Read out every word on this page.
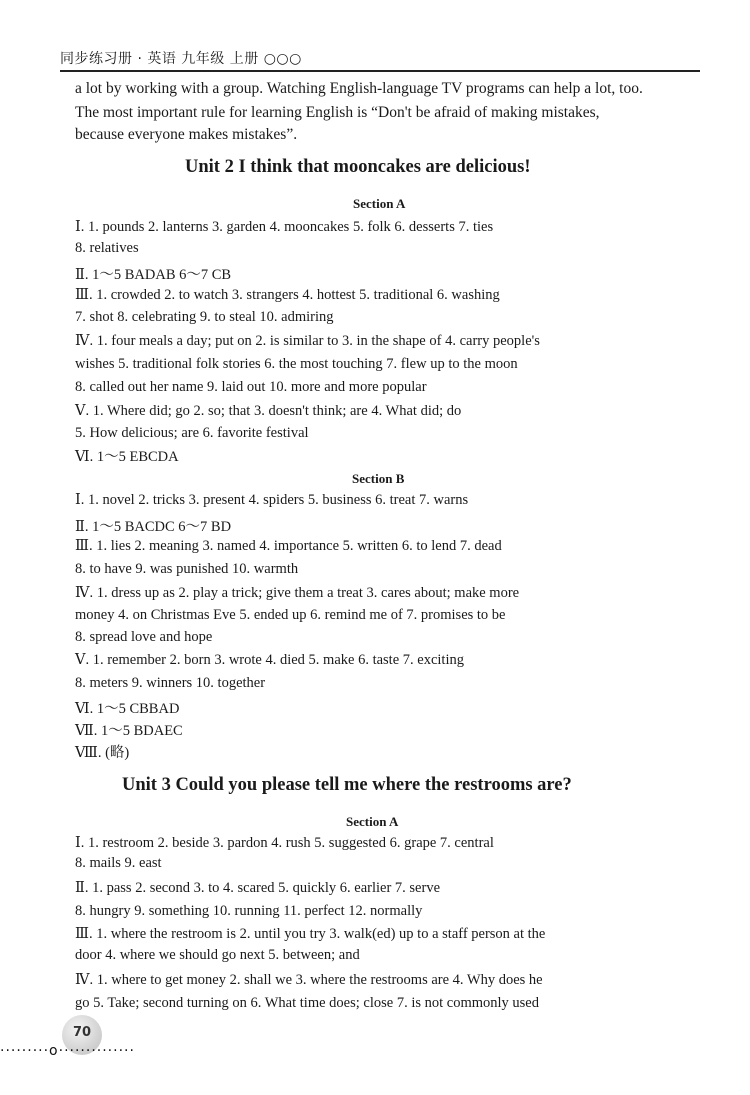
同步练习册 · 英语 九年级 上册 ○○○
a lot by working with a group. Watching English-language TV programs can help a lot, too.
The most important rule for learning English is “Don't be afraid of making mistakes,
because everyone makes mistakes”.
Unit 2 I think that mooncakes are delicious!
Section A
Ⅰ. 1. pounds 2. lanterns 3. garden 4. mooncakes 5. folk 6. desserts 7. ties
8. relatives
Ⅱ. 1～5 BADAB 6～7 CB
Ⅲ. 1. crowded 2. to watch 3. strangers 4. hottest 5. traditional 6. washing
7. shot 8. celebrating 9. to steal 10. admiring
Ⅳ. 1. four meals a day; put on 2. is similar to 3. in the shape of 4. carry people's
wishes 5. traditional folk stories 6. the most touching 7. flew up to the moon
8. called out her name 9. laid out 10. more and more popular
Ⅴ. 1. Where did; go 2. so; that 3. doesn't think; are 4. What did; do
5. How delicious; are 6. favorite festival
Ⅵ. 1～5 EBCDA
Section B
Ⅰ. 1. novel 2. tricks 3. present 4. spiders 5. business 6. treat 7. warns
Ⅱ. 1～5 BACDC 6～7 BD
Ⅲ. 1. lies 2. meaning 3. named 4. importance 5. written 6. to lend 7. dead
8. to have 9. was punished 10. warmth
Ⅳ. 1. dress up as 2. play a trick; give them a treat 3. cares about; make more
money 4. on Christmas Eve 5. ended up 6. remind me of 7. promises to be
8. spread love and hope
Ⅴ. 1. remember 2. born 3. wrote 4. died 5. make 6. taste 7. exciting
8. meters 9. winners 10. together
Ⅵ. 1～5 CBBAD
Ⅶ. 1～5 BDAEC
Ⅷ. (略)
Unit 3 Could you please tell me where the restrooms are?
Section A
Ⅰ. 1. restroom 2. beside 3. pardon 4. rush 5. suggested 6. grape 7. central
8. mails 9. east
Ⅱ. 1. pass 2. second 3. to 4. scared 5. quickly 6. earlier 7. serve
8. hungry 9. something 10. running 11. perfect 12. normally
Ⅲ. 1. where the restroom is 2. until you try 3. walk(ed) up to a staff person at the
door 4. where we should go next 5. between; and
Ⅳ. 1. where to get money 2. shall we 3. where the restrooms are 4. Why does he
go 5. Take; second turning on 6. What time does; close 7. is not commonly used
70
·········o··············
